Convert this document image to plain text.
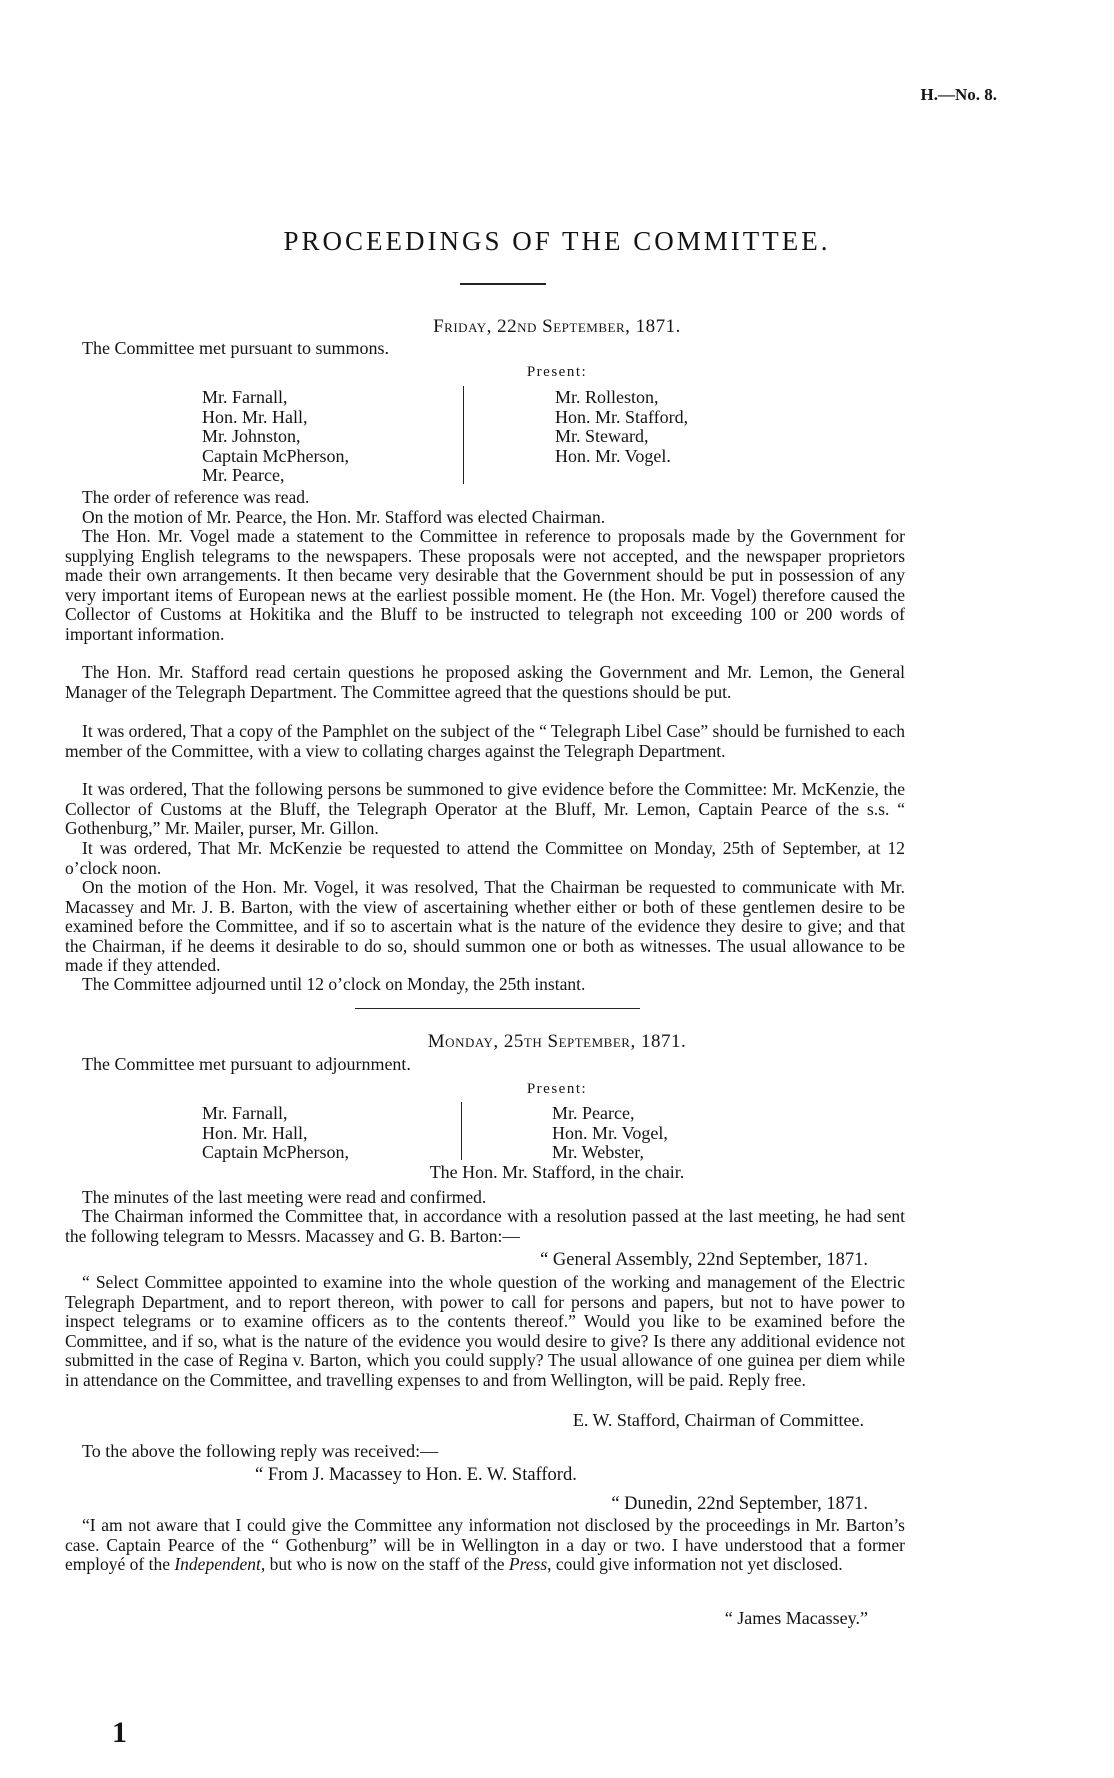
H.—No. 8.
PROCEEDINGS OF THE COMMITTEE.
Friday, 22nd September, 1871.
The Committee met pursuant to summons.
Present:
Mr. Farnall,
Hon. Mr. Hall,
Mr. Johnston,
Captain McPherson,
Mr. Pearce,
Mr. Rolleston,
Hon. Mr. Stafford,
Mr. Steward,
Hon. Mr. Vogel.
The order of reference was read.
On the motion of Mr. Pearce, the Hon. Mr. Stafford was elected Chairman.
The Hon. Mr. Vogel made a statement to the Committee in reference to proposals made by the Government for supplying English telegrams to the newspapers. These proposals were not accepted, and the newspaper proprietors made their own arrangements. It then became very desirable that the Government should be put in possession of any very important items of European news at the earliest possible moment. He (the Hon. Mr. Vogel) therefore caused the Collector of Customs at Hokitika and the Bluff to be instructed to telegraph not exceeding 100 or 200 words of important information.
The Hon. Mr. Stafford read certain questions he proposed asking the Government and Mr. Lemon, the General Manager of the Telegraph Department. The Committee agreed that the questions should be put.
It was ordered, That a copy of the Pamphlet on the subject of the “ Telegraph Libel Case” should be furnished to each member of the Committee, with a view to collating charges against the Telegraph Department.
It was ordered, That the following persons be summoned to give evidence before the Committee: Mr. McKenzie, the Collector of Customs at the Bluff, the Telegraph Operator at the Bluff, Mr. Lemon, Captain Pearce of the s.s. “ Gothenburg,” Mr. Mailer, purser, Mr. Gillon.
It was ordered, That Mr. McKenzie be requested to attend the Committee on Monday, 25th of September, at 12 o’clock noon.
On the motion of the Hon. Mr. Vogel, it was resolved, That the Chairman be requested to communicate with Mr. Macassey and Mr. J. B. Barton, with the view of ascertaining whether either or both of these gentlemen desire to be examined before the Committee, and if so to ascertain what is the nature of the evidence they desire to give; and that the Chairman, if he deems it desirable to do so, should summon one or both as witnesses. The usual allowance to be made if they attended.
The Committee adjourned until 12 o’clock on Monday, the 25th instant.
Monday, 25th September, 1871.
The Committee met pursuant to adjournment.
Present:
Mr. Farnall,
Hon. Mr. Hall,
Captain McPherson,
Mr. Pearce,
Hon. Mr. Vogel,
Mr. Webster,
The Hon. Mr. Stafford, in the chair.
The minutes of the last meeting were read and confirmed.
The Chairman informed the Committee that, in accordance with a resolution passed at the last meeting, he had sent the following telegram to Messrs. Macassey and G. B. Barton:—
“ General Assembly, 22nd September, 1871.
“ Select Committee appointed to examine into the whole question of the working and management of the Electric Telegraph Department, and to report thereon, with power to call for persons and papers, but not to have power to inspect telegrams or to examine officers as to the contents thereof.” Would you like to be examined before the Committee, and if so, what is the nature of the evidence you would desire to give? Is there any additional evidence not submitted in the case of Regina v. Barton, which you could supply? The usual allowance of one guinea per diem while in attendance on the Committee, and travelling expenses to and from Wellington, will be paid. Reply free.
E. W. Stafford, Chairman of Committee.
To the above the following reply was received:—
“ From J. Macassey to Hon. E. W. Stafford.
“ Dunedin, 22nd September, 1871.
“I am not aware that I could give the Committee any information not disclosed by the proceedings in Mr. Barton’s case. Captain Pearce of the “ Gothenburg” will be in Wellington in a day or two. I have understood that a former employé of the Independent, but who is now on the staff of the Press, could give information not yet disclosed.
“ James Macassey.”
1
